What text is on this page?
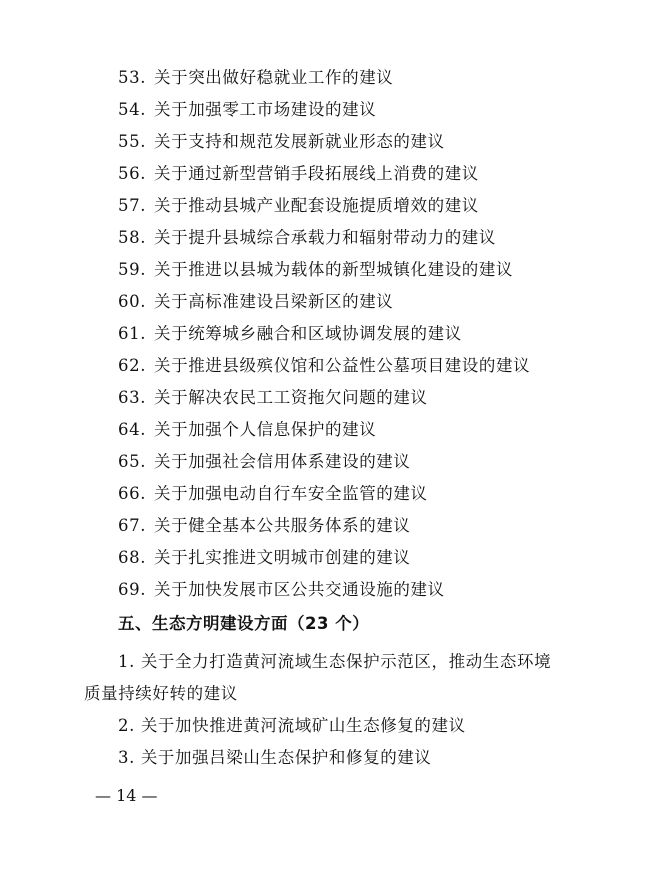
53. 关于突出做好稳就业工作的建议
54. 关于加强零工市场建设的建议
55. 关于支持和规范发展新就业形态的建议
56. 关于通过新型营销手段拓展线上消费的建议
57. 关于推动县城产业配套设施提质增效的建议
58. 关于提升县城综合承载力和辐射带动力的建议
59. 关于推进以县城为载体的新型城镇化建设的建议
60. 关于高标准建设吕梁新区的建议
61. 关于统筹城乡融合和区域协调发展的建议
62. 关于推进县级殡仪馆和公益性公墓项目建设的建议
63. 关于解决农民工工资拖欠问题的建议
64. 关于加强个人信息保护的建议
65. 关于加强社会信用体系建设的建议
66. 关于加强电动自行车安全监管的建议
67. 关于健全基本公共服务体系的建议
68. 关于扎实推进文明城市创建的建议
69. 关于加快发展市区公共交通设施的建议
五、生态方明建设方面（23 个）
1. 关于全力打造黄河流域生态保护示范区，推动生态环境
质量持续好转的建议
2. 关于加快推进黄河流域矿山生态修复的建议
3. 关于加强吕梁山生态保护和修复的建议
— 14 —
